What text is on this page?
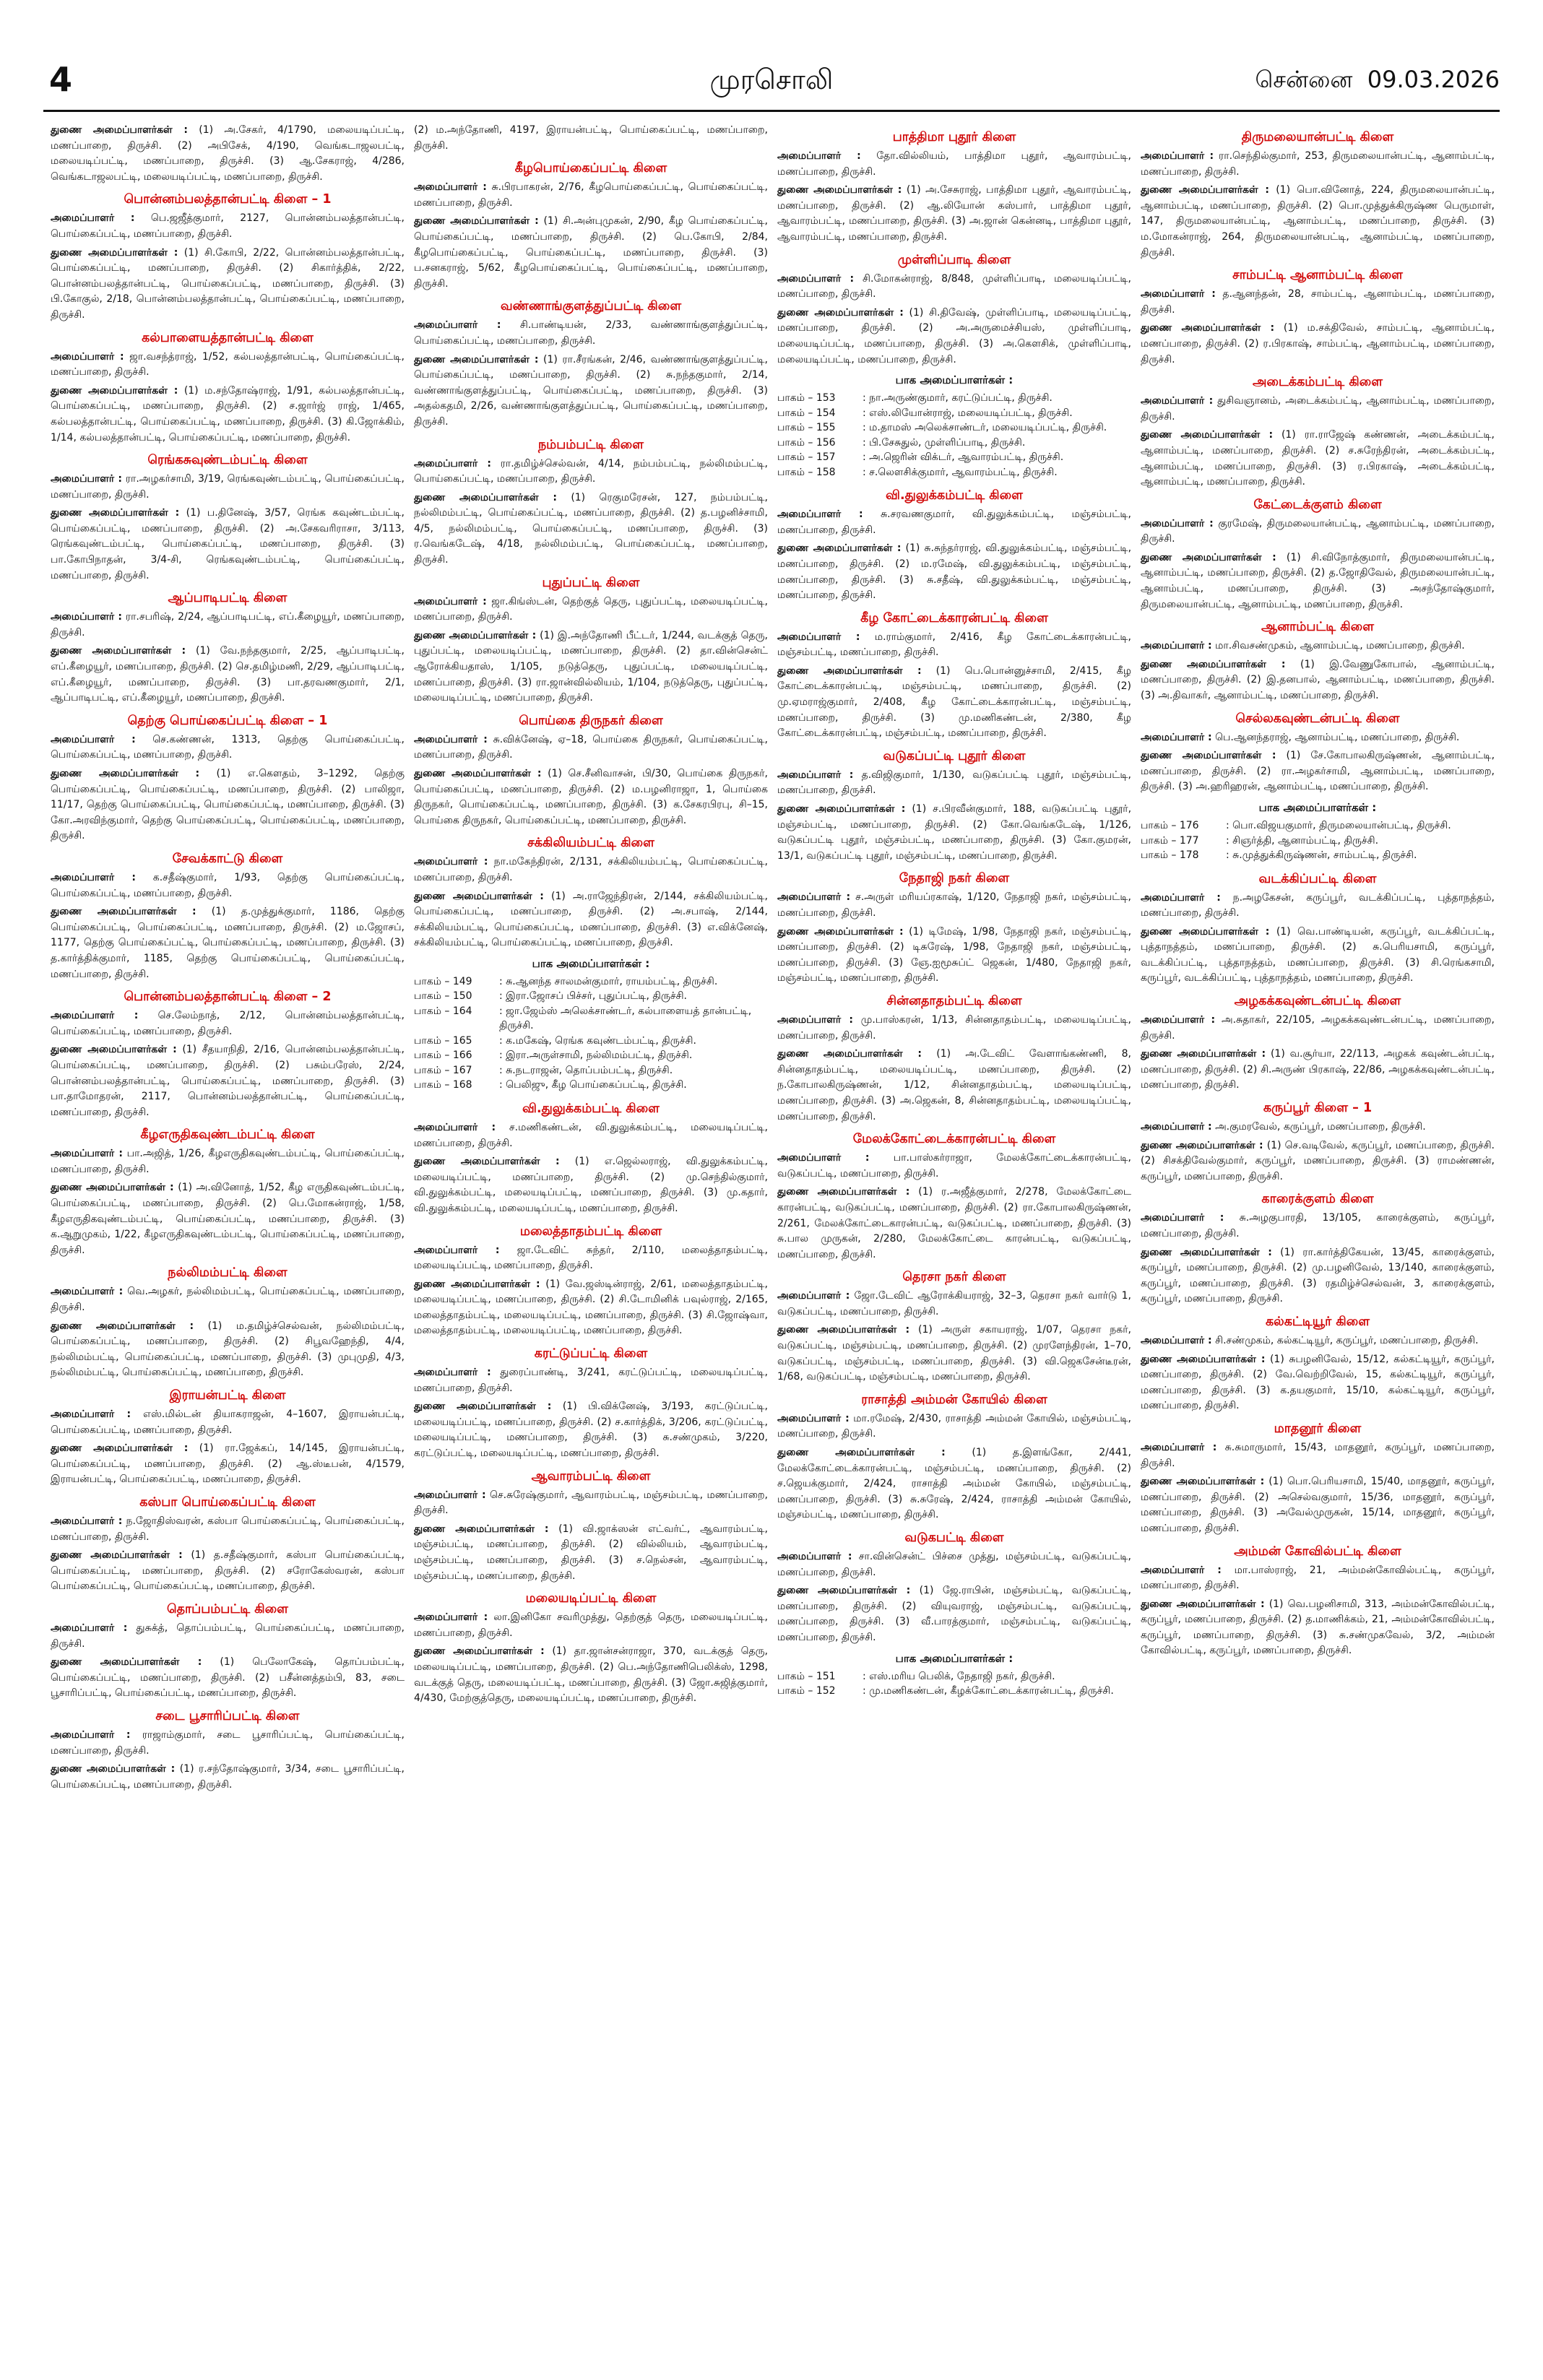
4	முரசொலி	சென்னை 09.03.2026

துணை அமைப்பாளர்கள் : (1) அ.சேகர், 4/1790, மலையடிப்பட்டி, மணப்பாறை, திருச்சி. (2) அபிசேக், 4/190, வெங்கடாஜலபட்டி, மலையடிப்பட்டி, மணப்பாறை, திருச்சி. (3) ஆ.சேகராஜ், 4/286, வெங்கடாஜலபட்டி, மலையடிப்பட்டி, மணப்பாறை, திருச்சி.

பொன்னம்பலத்தான்பட்டி கிளை – 1

அமைப்பாளர் : பெ.ஜஜீத்குமார், 2127, பொன்னம்பலத்தான்பட்டி, பொய்கைப்பட்டி, மணப்பாறை, திருச்சி.

துணை அமைப்பாளர்கள் : (1) சி.கோபி, 2/22, பொன்னம்பலத்தான்பட்டி, பொய்கைப்பட்டி, மணப்பாறை, திருச்சி. (2) சிகார்த்திக், 2/22, பொன்னம்பலத்தான்பட்டி, பொய்கைப்பட்டி, மணப்பாறை, திருச்சி. (3) பி.கோகுல், 2/18, பொன்னம்பலத்தான்பட்டி, பொய்கைப்பட்டி, மணப்பாறை, திருச்சி.

கல்பாளையத்தான்பட்டி கிளை

அமைப்பாளர் : ஜா.வசந்த்ராஜ், 1/52, கல்பலத்தான்பட்டி, பொய்கைப்பட்டி, மணப்பாறை, திருச்சி.

துணை அமைப்பாளர்கள் : (1) ம.சந்தோஷ்ராஜ், 1/91, கல்பலத்தான்பட்டி, பொய்கைப்பட்டி, மணப்பாறை, திருச்சி. (2) ச.ஜார்ஜ் ராஜ், 1/465, கல்பலத்தான்பட்டி, பொய்கைப்பட்டி, மணப்பாறை, திருச்சி. (3) கி.ஜோக்கிம், 1/14, கல்பலத்தான்பட்டி, பொய்கைப்பட்டி, மணப்பாறை, திருச்சி.

ரெங்கசுவுண்டம்பட்டி கிளை

அமைப்பாளர் : ரா.அழகர்சாமி, 3/19, ரெங்கவுண்டம்பட்டி, பொய்கைப்பட்டி, மணப்பாறை, திருச்சி.

துணை அமைப்பாளர்கள் : (1) ப.தினேஷ், 3/57, ரெங்க கவுண்டம்பட்டி, பொய்கைப்பட்டி, மணப்பாறை, திருச்சி. (2) அ.சேகவரிராசா, 3/113, ரெங்கவுண்டம்பட்டி, பொய்கைப்பட்டி, மணப்பாறை, திருச்சி. (3) பா.கோபிநாதன், 3/4-சி, ரெங்கவுண்டம்பட்டி, பொய்கைப்பட்டி, மணப்பாறை, திருச்சி.

ஆப்பாடிபட்டி கிளை

அமைப்பாளர் : ரா.சபரிஷ், 2/24, ஆப்பாடிபட்டி, எப்.கீழையூர், மணப்பாறை, திருச்சி.

துணை அமைப்பாளர்கள் : (1) வே.நந்தகுமார், 2/25, ஆப்பாடிபட்டி, எப்.கீழையூர், மணப்பாறை, திருச்சி. (2) செ.தமிழ்மணி, 2/29, ஆப்பாடிபட்டி, எப்.கீழையூர், மணப்பாறை, திருச்சி. (3) பா.தரவணகுமார், 2/1, ஆப்பாடிபட்டி, எப்.கீழையூர், மணப்பாறை, திருச்சி.

தெற்கு பொய்கைப்பட்டி கிளை – 1

அமைப்பாளர் : செ.கண்ணன், 1313, தெற்கு பொய்கைப்பட்டி, பொய்கைப்பட்டி, மணப்பாறை, திருச்சி.

துணை அமைப்பாளர்கள் : (1) எ.கௌதம், 3–1292, தெற்கு பொய்கைப்பட்டி, பொய்கைப்பட்டி, மணப்பாறை, திருச்சி. (2) பாலிஜா, 11/17, தெற்கு பொய்கைப்பட்டி, பொய்கைப்பட்டி, மணப்பாறை, திருச்சி. (3) கோ.அரவிந்குமார், தெற்கு பொய்கைப்பட்டி, பொய்கைப்பட்டி, மணப்பாறை, திருச்சி.

சேவக்காட்டு கிளை

அமைப்பாளர் : க.சதீஷ்குமார், 1/93, தெற்கு பொய்கைப்பட்டி, பொய்கைப்பட்டி, மணப்பாறை, திருச்சி.

துணை அமைப்பாளர்கள் : (1) த.முத்துக்குமார், 1186, தெற்கு பொய்கைப்பட்டி, பொய்கைப்பட்டி, மணப்பாறை, திருச்சி. (2) ம.ஜோசப், 1177, தெற்கு பொய்கைப்பட்டி, பொய்கைப்பட்டி, மணப்பாறை, திருச்சி. (3) த.கார்த்திக்குமார், 1185, தெற்கு பொய்கைப்பட்டி, பொய்கைப்பட்டி, மணப்பாறை, திருச்சி.

பொன்னம்பலத்தான்பட்டி கிளை – 2

அமைப்பாளர் : செ.லேம்நாத், 2/12, பொன்னம்பலத்தான்பட்டி, பொய்கைப்பட்டி, மணப்பாறை, திருச்சி.

துணை அமைப்பாளர்கள் : (1) சீதயாநிதி, 2/16, பொன்னம்பலத்தான்பட்டி, பொய்கைப்பட்டி, மணப்பாறை, திருச்சி. (2) பசும்பரேஸ், 2/24, பொன்னம்பலத்தான்பட்டி, பொய்கைப்பட்டி, மணப்பாறை, திருச்சி. (3) பா.தாமோதரன், 2117, பொன்னம்பலத்தான்பட்டி, பொய்கைப்பட்டி, மணப்பாறை, திருச்சி.

கீழஎருதிகவுண்டம்பட்டி கிளை

அமைப்பாளர் : பா.அஜித், 1/26, கீழஎருதிகவுண்டம்பட்டி, பொய்கைப்பட்டி, மணப்பாறை, திருச்சி.

துணை அமைப்பாளர்கள் : (1) அ.வினோத், 1/52, கீழ எருதிகவுண்டம்பட்டி, பொய்கைப்பட்டி, மணப்பாறை, திருச்சி. (2) பெ.மோகன்ராஜ், 1/58, கீழஎருதிகவுண்டம்பட்டி, பொய்கைப்பட்டி, மணப்பாறை, திருச்சி. (3) க.ஆறுமுகம், 1/22, கீழஎருதிகவுண்டம்பட்டி, பொய்கைப்பட்டி, மணப்பாறை, திருச்சி.

நல்லிமம்பட்டி கிளை

அமைப்பாளர் : வெ.அழகர், நல்லிமம்பட்டி, பொய்கைப்பட்டி, மணப்பாறை, திருச்சி.

துணை அமைப்பாளர்கள் : (1) ம.தமிழ்ச்செல்வன், நல்லிமம்பட்டி, பொய்கைப்பட்டி, மணப்பாறை, திருச்சி. (2) சிபூவஹேந்தி, 4/4, நல்லிமம்பட்டி, பொய்கைப்பட்டி, மணப்பாறை, திருச்சி. (3) முபுமுதி, 4/3, நல்லிமம்பட்டி, பொய்கைப்பட்டி, மணப்பாறை, திருச்சி.

இராயன்பட்டி கிளை

அமைப்பாளர் : எஸ்.மில்டன் தியாகராஜன், 4–1607, இராயன்பட்டி, பொய்கைப்பட்டி, மணப்பாறை, திருச்சி.

துணை அமைப்பாளர்கள் : (1) ரா.ஜேக்கப், 14/145, இராயன்பட்டி, பொய்கைப்பட்டி, மணப்பாறை, திருச்சி. (2) ஆ.ஸ்டீபன், 4/1579, இராயன்பட்டி, பொய்கைப்பட்டி, மணப்பாறை, திருச்சி.

கஸ்பா பொய்கைப்பட்டி கிளை

அமைப்பாளர் : ந.ஜோதிஸ்வரன், கஸ்பா பொய்கைப்பட்டி, பொய்கைப்பட்டி, மணப்பாறை, திருச்சி.

துணை அமைப்பாளர்கள் : (1) த.சதீஷ்குமார், கஸ்பா பொய்கைப்பட்டி, பொய்கைப்பட்டி, மணப்பாறை, திருச்சி. (2) சரோகேஸ்வரன், கஸ்பா பொய்கைப்பட்டி, பொய்கைப்பட்டி, மணப்பாறை, திருச்சி.

தொப்பம்பட்டி கிளை

அமைப்பாளர் : துசுக்த், தொப்பம்பட்டி, பொய்கைப்பட்டி, மணப்பாறை, திருச்சி.

துணை அமைப்பாளர்கள் : (1) பெலோகேஷ், தொப்பம்பட்டி, பொய்கைப்பட்டி, மணப்பாறை, திருச்சி. (2) பசீன்னத்தம்பி, 83, சடை பூசாரிப்பட்டி, பொய்கைப்பட்டி, மணப்பாறை, திருச்சி.

சடை பூசாரிப்பட்டி கிளை

அமைப்பாளர் : ராஜாம்குமார், சடை பூசாரிப்பட்டி, பொய்கைப்பட்டி, மணப்பாறை, திருச்சி.

துணை அமைப்பாளர்கள் : (1) ர.சந்தோஷ்குமார், 3/34, சடை பூசாரிப்பட்டி, பொய்கைப்பட்டி, மணப்பாறை, திருச்சி.

(2) ம.அந்தோணி, 4197, இராயன்பட்டி, பொய்கைப்பட்டி, மணப்பாறை, திருச்சி.

கீழபொய்கைப்பட்டி கிளை

அமைப்பாளர் : சு.பிரபாகரன், 2/76, கீழபொய்கைப்பட்டி, பொய்கைப்பட்டி, மணப்பாறை, திருச்சி.

துணை அமைப்பாளர்கள் : (1) சி.அன்புமுகன், 2/90, கீழ பொய்கைப்பட்டி, பொய்கைப்பட்டி, மணப்பாறை, திருச்சி. (2) பெ.கோபி, 2/84, கீழபொய்கைப்பட்டி, பொய்கைப்பட்டி, மணப்பாறை, திருச்சி. (3) ப.சனகராஜ், 5/62, கீழபொய்கைப்பட்டி, பொய்கைப்பட்டி, மணப்பாறை, திருச்சி.

வண்ணாங்குளத்துப்பட்டி கிளை

அமைப்பாளர் : சி.பாண்டியன், 2/33, வண்ணாங்குளத்துப்பட்டி, பொய்கைப்பட்டி, மணப்பாறை, திருச்சி.

துணை அமைப்பாளர்கள் : (1) ரா.சீரங்கன், 2/46, வண்ணாங்குளத்துப்பட்டி, பொய்கைப்பட்டி, மணப்பாறை, திருச்சி. (2) சு.நந்தகுமார், 2/14, வண்ணாங்குளத்துப்பட்டி, பொய்கைப்பட்டி, மணப்பாறை, திருச்சி. (3) அதல்கதமி, 2/26, வண்ணாங்குளத்துப்பட்டி, பொய்கைப்பட்டி, மணப்பாறை, திருச்சி.

நம்பம்பட்டி கிளை

அமைப்பாளர் : ரா.தமிழ்ச்செல்வன், 4/14, நம்பம்பட்டி, நல்லிமம்பட்டி, பொய்கைப்பட்டி, மணப்பாறை, திருச்சி.

துணை அமைப்பாளர்கள் : (1) ரெகுமரேசன், 127, நம்பம்பட்டி, நல்லிமம்பட்டி, பொய்கைப்பட்டி, மணப்பாறை, திருச்சி. (2) த.பழனிச்சாமி, 4/5, நல்லிமம்பட்டி, பொய்கைப்பட்டி, மணப்பாறை, திருச்சி. (3) ர.வெங்கடேஷ், 4/18, நல்லிமம்பட்டி, பொய்கைப்பட்டி, மணப்பாறை, திருச்சி.

புதுப்பட்டி கிளை

அமைப்பாளர் : ஜா.கிங்ஸ்டன், தெற்குத் தெரு, புதுப்பட்டி, மலையடிப்பட்டி, மணப்பாறை, திருச்சி.

துணை அமைப்பாளர்கள் : (1) இ.அந்தோணி பீட்டர், 1/244, வடக்குத் தெரு, புதுப்பட்டி, மலையடிப்பட்டி, மணப்பாறை, திருச்சி. (2) தா.வின்சென்ட் ஆரோக்கியதாஸ், 1/105, நடுத்தெரு, புதுப்பட்டி, மலையடிப்பட்டி, மணப்பாறை, திருச்சி. (3) ரா.ஜான்வில்லியம், 1/104, நடுத்தெரு, புதுப்பட்டி, மலையடிப்பட்டி, மணப்பாறை, திருச்சி.

பொய்கை திருநகர் கிளை

அமைப்பாளர் : சு.விக்னேஷ், ஏ–18, பொய்கை திருநகர், பொய்கைப்பட்டி, மணப்பாறை, திருச்சி.

துணை அமைப்பாளர்கள் : (1) செ.சீனிவாசன், பி/30, பொய்கை திருநகர், பொய்கைப்பட்டி, மணப்பாறை, திருச்சி. (2) ம.பழனிராஜா, 1, பொய்கை திருநகர், பொய்கைப்பட்டி, மணப்பாறை, திருச்சி. (3) க.சேகரபிரபு, சி–15, பொய்கை திருநகர், பொய்கைப்பட்டி, மணப்பாறை, திருச்சி.

சக்கிலியம்பட்டி கிளை

அமைப்பாளர் : நா.மகேந்திரன், 2/131, சக்கிலியம்பட்டி, பொய்கைப்பட்டி, மணப்பாறை, திருச்சி.

துணை அமைப்பாளர்கள் : (1) அ.ராஜேந்திரன், 2/144, சக்கிலியம்பட்டி, பொய்கைப்பட்டி, மணப்பாறை, திருச்சி. (2) அ.சபாஷ், 2/144, சக்கிலியம்பட்டி, பொய்கைப்பட்டி, மணப்பாறை, திருச்சி. (3) எ.விக்னேஷ், சக்கிலியம்பட்டி, பொய்கைப்பட்டி, மணப்பாறை, திருச்சி.

பாக அமைப்பாளர்கள் :
பாகம் – 149	: சு.ஆனந்த சாலமன்குமார், ராயம்பட்டி, திருச்சி.
பாகம் – 150	: இரா.ஜோசப் பிச்சர், புதுப்பட்டி, திருச்சி.
பாகம் – 164	: ஜா.ஜேம்ஸ் அலெக்சாண்டர், கல்பாளையத் தான்பட்டி, திருச்சி.
பாகம் – 165	: க.மகேஷ், ரெங்க கவுண்டம்பட்டி, திருச்சி.
பாகம் – 166	: இரா.அருள்சாமி, நல்லிமம்பட்டி, திருச்சி.
பாகம் – 167	: சு.நடராஜன், தொப்பம்பட்டி, திருச்சி.
பாகம் – 168	: பெலிஜு, கீழ பொய்கைப்பட்டி, திருச்சி.
வி.துலுக்கம்பட்டி கிளை

அமைப்பாளர் : ச.மணிகண்டன், வி.துலுக்கம்பட்டி, மலையடிப்பட்டி, மணப்பாறை, திருச்சி.

துணை அமைப்பாளர்கள் : (1) எ.ஜெல்லராஜ், வி.துலுக்கம்பட்டி, மலையடிப்பட்டி, மணப்பாறை, திருச்சி. (2) மு.செந்தில்குமார், வி.துலுக்கம்பட்டி, மலையடிப்பட்டி, மணப்பாறை, திருச்சி. (3) மு.கதார், வி.துலுக்கம்பட்டி, மலையடிப்பட்டி, மணப்பாறை, திருச்சி.

மலைத்தாதம்பட்டி கிளை

அமைப்பாளர் : ஜா.டேவிட் சுந்தர், 2/110, மலைத்தாதம்பட்டி, மலையடிப்பட்டி, மணப்பாறை, திருச்சி.

துணை அமைப்பாளர்கள் : (1) வே.ஜஸ்டின்ராஜ், 2/61, மலைத்தாதம்பட்டி, மலையடிப்பட்டி, மணப்பாறை, திருச்சி. (2) சி.டோமினிக் பவுல்ராஜ், 2/165, மலைத்தாதம்பட்டி, மலையடிப்பட்டி, மணப்பாறை, திருச்சி. (3) சி.ஜோஷ்வா, மலைத்தாதம்பட்டி, மலையடிப்பட்டி, மணப்பாறை, திருச்சி.

கரட்டுப்பட்டி கிளை

அமைப்பாளர் : துரைப்பாண்டி, 3/241, கரட்டுப்பட்டி, மலையடிப்பட்டி, மணப்பாறை, திருச்சி.

துணை அமைப்பாளர்கள் : (1) பி.விக்னேஷ், 3/193, கரட்டுப்பட்டி, மலையடிப்பட்டி, மணப்பாறை, திருச்சி. (2) ச.கார்த்திக், 3/206, கரட்டுப்பட்டி, மலையடிப்பட்டி, மணப்பாறை, திருச்சி. (3) சு.சண்முகம், 3/220, கரட்டுப்பட்டி, மலையடிப்பட்டி, மணப்பாறை, திருச்சி.

ஆவாரம்பட்டி கிளை

அமைப்பாளர் : செ.சுரேஷ்குமார், ஆவாரம்பட்டி, மஞ்சம்பட்டி, மணப்பாறை, திருச்சி.

துணை அமைப்பாளர்கள் : (1) வி.ஜாக்ஸன் எட்வர்ட், ஆவாரம்பட்டி, மஞ்சம்பட்டி, மணப்பாறை, திருச்சி. (2) வில்லியம், ஆவாரம்பட்டி, மஞ்சம்பட்டி, மணப்பாறை, திருச்சி. (3) ச.நெல்சன், ஆவாரம்பட்டி, மஞ்சம்பட்டி, மணப்பாறை, திருச்சி.

மலையடிப்பட்டி கிளை

அமைப்பாளர் : லா.இனிகோ சவரிமுத்து, தெற்குத் தெரு, மலையடிப்பட்டி, மணப்பாறை, திருச்சி.

துணை அமைப்பாளர்கள் : (1) தா.ஜான்சன்ராஜா, 370, வடக்குத் தெரு, மலையடிப்பட்டி, மணப்பாறை, திருச்சி. (2) பெ.அந்தோணிபெலிக்ஸ், 1298, வடக்குத் தெரு, மலையடிப்பட்டி, மணப்பாறை, திருச்சி. (3) ஜோ.சுஜித்குமார், 4/430, மேற்குத்தெரு, மலையடிப்பட்டி, மணப்பாறை, திருச்சி.

பாத்திமா புதூர் கிளை

அமைப்பாளர் : தோ.வில்லியம், பாத்திமா புதூர், ஆவாரம்பட்டி, மணப்பாறை, திருச்சி.

துணை அமைப்பாளர்கள் : (1) அ.சேசுராஜ், பாத்திமா புதூர், ஆவாரம்பட்டி, மணப்பாறை, திருச்சி. (2) ஆ.லியோன் கஸ்பார், பாத்திமா புதூர், ஆவாரம்பட்டி, மணப்பாறை, திருச்சி. (3) அ.ஜான் கென்னடி, பாத்திமா புதூர், ஆவாரம்பட்டி, மணப்பாறை, திருச்சி.

முள்ளிப்பாடி கிளை

அமைப்பாளர் : சி.மோகன்ராஜ், 8/848, முள்ளிப்பாடி, மலையடிப்பட்டி, மணப்பாறை, திருச்சி.

துணை அமைப்பாளர்கள் : (1) சி.திவேஷ், முள்ளிப்பாடி, மலையடிப்பட்டி, மணப்பாறை, திருச்சி. (2) அ.அருமைச்சியஸ், முள்ளிப்பாடி, மலையடிப்பட்டி, மணப்பாறை, திருச்சி. (3) அ.கௌசிக், முள்ளிப்பாடி, மலையடிப்பட்டி, மணப்பாறை, திருச்சி.

பாக அமைப்பாளர்கள் :
பாகம் – 153	: நா.அருண்குமார், கரட்டுப்பட்டி, திருச்சி.
பாகம் – 154	: எஸ்.லியோன்ராஜ், மலையடிப்பட்டி, திருச்சி.
பாகம் – 155	: ம.தாமஸ் அலெக்சாண்டர், மலையடிப்பட்டி, திருச்சி.
பாகம் – 156	: பி.சேசுதுல், முள்ளிப்பாடி, திருச்சி.
பாகம் – 157	: அ.ஜெரின் விக்டர், ஆவாரம்பட்டி, திருச்சி.
பாகம் – 158	: ச.லௌசிக்குமார், ஆவாரம்பட்டி, திருச்சி.
வி.துலுக்கம்பட்டி கிளை

அமைப்பாளர் : சு.சரவணகுமார், வி.துலுக்கம்பட்டி, மஞ்சம்பட்டி, மணப்பாறை, திருச்சி.

துணை அமைப்பாளர்கள் : (1) சு.சுந்தர்ராஜ், வி.துலுக்கம்பட்டி, மஞ்சம்பட்டி, மணப்பாறை, திருச்சி. (2) ம.ரமேஷ், வி.துலுக்கம்பட்டி, மஞ்சம்பட்டி, மணப்பாறை, திருச்சி. (3) சு.சதீஷ், வி.துலுக்கம்பட்டி, மஞ்சம்பட்டி, மணப்பாறை, திருச்சி.

கீழ கோட்டைக்காரன்பட்டி கிளை

அமைப்பாளர் : ம.ராம்குமார், 2/416, கீழ கோட்டைக்காரன்பட்டி, மஞ்சம்பட்டி, மணப்பாறை, திருச்சி.

துணை அமைப்பாளர்கள் : (1) பெ.பொன்னுச்சாமி, 2/415, கீழ கோட்டைக்காரன்பட்டி, மஞ்சம்பட்டி, மணப்பாறை, திருச்சி. (2) மு.ஏமராஜ்குமார், 2/408, கீழ கோட்டைக்காரன்பட்டி, மஞ்சம்பட்டி, மணப்பாறை, திருச்சி. (3) மு.மணிகண்டன், 2/380, கீழ கோட்டைக்காரன்பட்டி, மஞ்சம்பட்டி, மணப்பாறை, திருச்சி.

வடுகப்பட்டி புதூர் கிளை

அமைப்பாளர் : த.விஜிகுமார், 1/130, வடுகப்பட்டி புதூர், மஞ்சம்பட்டி, மணப்பாறை, திருச்சி.

துணை அமைப்பாளர்கள் : (1) ச.பிரவீன்குமார், 188, வடுகப்பட்டி புதூர், மஞ்சம்பட்டி, மணப்பாறை, திருச்சி. (2) கோ.வெங்கடேஷ், 1/126, வடுகப்பட்டி புதூர், மஞ்சம்பட்டி, மணப்பாறை, திருச்சி. (3) கோ.குமரன், 13/1, வடுகப்பட்டி புதூர், மஞ்சம்பட்டி, மணப்பாறை, திருச்சி.

நேதாஜி நகர் கிளை

அமைப்பாளர் : ச.அருள் மரியப்ரகாஷ், 1/120, நேதாஜி நகர், மஞ்சம்பட்டி, மணப்பாறை, திருச்சி.

துணை அமைப்பாளர்கள் : (1) டிமேஷ், 1/98, நேதாஜி நகர், மஞ்சம்பட்டி, மணப்பாறை, திருச்சி. (2) டிசுரேஷ், 1/98, நேதாஜி நகர், மஞ்சம்பட்டி, மணப்பாறை, திருச்சி. (3) ஞே.ஐமூசுப்ட் ஜெகன், 1/480, நேதாஜி நகர், மஞ்சம்பட்டி, மணப்பாறை, திருச்சி.

சின்னதாதம்பட்டி கிளை

அமைப்பாளர் : மு.பாஸ்கரன், 1/13, சின்னதாதம்பட்டி, மலையடிப்பட்டி, மணப்பாறை, திருச்சி.

துணை அமைப்பாளர்கள் : (1) அ.டேவிட் வேளாங்கண்ணி, 8, சின்னதாதம்பட்டி, மலையடிப்பட்டி, மணப்பாறை, திருச்சி. (2) ந.கோபாலகிருஷ்ணன், 1/12, சின்னதாதம்பட்டி, மலையடிப்பட்டி, மணப்பாறை, திருச்சி. (3) அ.ஜெகன், 8, சின்னதாதம்பட்டி, மலையடிப்பட்டி, மணப்பாறை, திருச்சி.

மேலக்கோட்டைக்காரன்பட்டி கிளை

அமைப்பாளர் : பா.பாஸ்கர்ராஜா, மேலக்கோட்டைக்காரன்பட்டி, வடுகப்பட்டி, மணப்பாறை, திருச்சி.

துணை அமைப்பாளர்கள் : (1) ர.அஜீத்குமார், 2/278, மேலக்கோட்டை காரன்பட்டி, வடுகப்பட்டி, மணப்பாறை, திருச்சி. (2) ரா.கோபாலகிருஷ்ணன், 2/261, மேலக்கோட்டைகாரன்பட்டி, வடுகப்பட்டி, மணப்பாறை, திருச்சி. (3) சு.பால முருகன், 2/280, மேலக்கோட்டை காரன்பட்டி, வடுகப்பட்டி, மணப்பாறை, திருச்சி.

தெரசா நகர் கிளை

அமைப்பாளர் : ஜோ.டேவிட் ஆரோக்கியராஜ், 32–3, தெரசா நகர் வார்டு 1, வடுகப்பட்டி, மணப்பாறை, திருச்சி.

துணை அமைப்பாளர்கள் : (1) அருள் சகாயராஜ், 1/07, தெரசா நகர், வடுகப்பட்டி, மஞ்சம்பட்டி, மணப்பாறை, திருச்சி. (2) முரளேந்திரன், 1–70, வடுகப்பட்டி, மஞ்சம்பட்டி, மணப்பாறை, திருச்சி. (3) வி.ஜெகசேன்டீரன், 1/68, வடுகப்பட்டி, மஞ்சம்பட்டி, மணப்பாறை, திருச்சி.

ராசாத்தி அம்மன் கோயில் கிளை

அமைப்பாளர் : மா.ரமேஷ், 2/430, ராசாத்தி அம்மன் கோயில், மஞ்சம்பட்டி, மணப்பாறை, திருச்சி.

துணை அமைப்பாளர்கள் :	(1) த.இளங்கோ, 2/441, மேலக்கோட்டைக்காரன்பட்டி, மஞ்சம்பட்டி, மணப்பாறை, திருச்சி. (2) ச.ஜெயக்குமார், 2/424, ராசாத்தி அம்மன் கோயில், மஞ்சம்பட்டி, மணப்பாறை, திருச்சி. (3) சு.சுரேஷ், 2/424, ராசாத்தி அம்மன் கோயில், மஞ்சம்பட்டி, மணப்பாறை, திருச்சி.

வடுகபட்டி கிளை

அமைப்பாளர் : சா.வின்சென்ட் பிச்சை முத்து, மஞ்சம்பட்டி, வடுகப்பட்டி, மணப்பாறை, திருச்சி.

துணை அமைப்பாளர்கள் : (1) ஜே.ராபின், மஞ்சம்பட்டி, வடுகப்பட்டி, மணப்பாறை, திருச்சி. (2) வியுவராஜ், மஞ்சம்பட்டி, வடுகப்பட்டி, மணப்பாறை, திருச்சி. (3) வீ.பாரத்குமார், மஞ்சம்பட்டி, வடுகப்பட்டி, மணப்பாறை, திருச்சி.

பாக அமைப்பாளர்கள் :
பாகம் – 151	: எஸ்.மரிய பெலிக், நேதாஜி நகர், திருச்சி.
பாகம் – 152	: மு.மணிகண்டன், கீழக்கோட்டைக்காரன்பட்டி, திருச்சி.
திருமலையான்பட்டி கிளை

அமைப்பாளர் : ரா.செந்தில்குமார், 253, திருமலையான்பட்டி, ஆனாம்பட்டி, மணப்பாறை, திருச்சி.

துணை அமைப்பாளர்கள் : (1) பொ.வினோத், 224, திருமலையான்பட்டி, ஆனாம்பட்டி, மணப்பாறை, திருச்சி. (2) பொ.முத்துக்கிருஷ்ண பெருமாள், 147, திருமலையான்பட்டி, ஆனாம்பட்டி, மணப்பாறை, திருச்சி. (3) ம.மோகன்ராஜ், 264, திருமலையான்பட்டி, ஆனாம்பட்டி, மணப்பாறை, திருச்சி.

சாம்பட்டி ஆனாம்பட்டி கிளை

அமைப்பாளர் : த.ஆனந்தன், 28, சாம்பட்டி, ஆனாம்பட்டி, மணப்பாறை, திருச்சி.

துணை அமைப்பாளர்கள் : (1) ம.சக்திவேல், சாம்பட்டி, ஆனாம்பட்டி, மணப்பாறை, திருச்சி. (2) ர.பிரகாஷ், சாம்பட்டி, ஆனாம்பட்டி, மணப்பாறை, திருச்சி.

அடைக்கம்பட்டி கிளை

அமைப்பாளர் : துசிவஞானம், அடைக்கம்பட்டி, ஆனாம்பட்டி, மணப்பாறை, திருச்சி.

துணை அமைப்பாளர்கள் : (1) ரா.ராஜேஷ் கண்ணன், அடைக்கம்பட்டி, ஆனாம்பட்டி, மணப்பாறை, திருச்சி. (2) ச.சுரேந்திரன், அடைக்கம்பட்டி, ஆனாம்பட்டி, மணப்பாறை, திருச்சி. (3) ர.பிரகாஷ், அடைக்கம்பட்டி, ஆனாம்பட்டி, மணப்பாறை, திருச்சி.

கேட்டைக்குளம் கிளை

அமைப்பாளர் : குரமேஷ், திருமலையான்பட்டி, ஆனாம்பட்டி, மணப்பாறை, திருச்சி.

துணை அமைப்பாளர்கள் : (1) சி.விநோத்குமார், திருமலையான்பட்டி, ஆனாம்பட்டி, மணப்பாறை, திருச்சி. (2) த.ஜோதிவேல், திருமலையான்பட்டி, ஆனாம்பட்டி, மணப்பாறை, திருச்சி. (3) அசந்தோஷ்குமார், திருமலையான்பட்டி, ஆனாம்பட்டி, மணப்பாறை, திருச்சி.

ஆனாம்பட்டி கிளை

அமைப்பாளர் : மா.சிவசண்முகம், ஆனாம்பட்டி, மணப்பாறை, திருச்சி.

துணை அமைப்பாளர்கள் : (1) இ.வேணுகோபால், ஆனாம்பட்டி, மணப்பாறை, திருச்சி. (2) இ.தனபால், ஆனாம்பட்டி, மணப்பாறை, திருச்சி. (3) அ.திவாகர், ஆனாம்பட்டி, மணப்பாறை, திருச்சி.

செல்லகவுண்டன்பட்டி கிளை

அமைப்பாளர் : பெ.ஆனந்தராஜ், ஆனாம்பட்டி, மணப்பாறை, திருச்சி.

துணை அமைப்பாளர்கள் : (1) சே.கோபாலகிருஷ்ணன், ஆனாம்பட்டி, மணப்பாறை, திருச்சி. (2) ரா.அழகர்சாமி, ஆனாம்பட்டி, மணப்பாறை, திருச்சி. (3) அ.ஹரிஹரன், ஆனாம்பட்டி, மணப்பாறை, திருச்சி.

பாக அமைப்பாளர்கள் :
பாகம் – 176	: பொ.விஜயகுமார், திருமலையான்பட்டி, திருச்சி.
பாகம் – 177	: சிஞர்த்தி, ஆனாம்பட்டி, திருச்சி.
பாகம் – 178	: சு.முத்துக்கிருஷ்ணன், சாம்பட்டி, திருச்சி.
வடக்கிப்பட்டி கிளை

அமைப்பாளர் : ந.அழகேசன், கருப்பூர், வடக்கிப்பட்டி, புத்தாநத்தம், மணப்பாறை, திருச்சி.

துணை அமைப்பாளர்கள் : (1) வெ.பாண்டியன், கருப்பூர், வடக்கிப்பட்டி, புத்தாநத்தம், மணப்பாறை, திருச்சி. (2) சு.பெரியசாமி, கருப்பூர், வடக்கிப்பட்டி, புத்தாநத்தம், மணப்பாறை, திருச்சி. (3) சி.ரெங்கசாமி, கருப்பூர், வடக்கிப்பட்டி, புத்தாநத்தம், மணப்பாறை, திருச்சி.

அழகக்கவுண்டன்பட்டி கிளை

அமைப்பாளர் : அ.சுதாகர், 22/105, அழகக்கவுண்டன்பட்டி, மணப்பாறை, திருச்சி.

துணை அமைப்பாளர்கள் : (1) வ.சூர்யா, 22/113, அழகக் கவுண்டன்பட்டி, மணப்பாறை, திருச்சி. (2) சி.அருண் பிரகாஷ், 22/86, அழகக்கவுண்டன்பட்டி, மணப்பாறை, திருச்சி.

கருப்பூர் கிளை – 1

அமைப்பாளர் : அ.குமரவேல், கருப்பூர், மணப்பாறை, திருச்சி.

துணை அமைப்பாளர்கள் : (1) செ.வடிவேல், கருப்பூர், மணப்பாறை, திருச்சி. (2) சிசக்திவேல்குமார், கருப்பூர், மணப்பாறை, திருச்சி. (3) ராமண்ணன், கருப்பூர், மணப்பாறை, திருச்சி.

காரைக்குளம் கிளை

அமைப்பாளர் : சு.அழகுபாரதி, 13/105, காரைக்குளம், கருப்பூர், மணப்பாறை, திருச்சி.

துணை அமைப்பாளர்கள் : (1) ரா.கார்த்திகேயன், 13/45, காரைக்குளம், கருப்பூர், மணப்பாறை, திருச்சி. (2) மு.பழனிவேல், 13/140, காரைக்குளம், கருப்பூர், மணப்பாறை, திருச்சி. (3) ரதமிழ்ச்செல்வன், 3, காரைக்குளம், கருப்பூர், மணப்பாறை, திருச்சி.

கல்கட்டியூர் கிளை

அமைப்பாளர் : சி.சண்முகம், கல்கட்டியூர், கருப்பூர், மணப்பாறை, திருச்சி.

துணை அமைப்பாளர்கள் : (1) சுபழனிவேல், 15/12, கல்கட்டியூர், கருப்பூர், மணப்பாறை, திருச்சி. (2) வே.வெற்றிவேல், 15, கல்கட்டியூர், கருப்பூர், மணப்பாறை, திருச்சி. (3) க.தயகுமார், 15/10, கல்கட்டியூர், கருப்பூர், மணப்பாறை, திருச்சி.

மாதனூர் கிளை

அமைப்பாளர் : சு.சுமாருமார், 15/43, மாதனூர், கருப்பூர், மணப்பாறை, திருச்சி.

துணை அமைப்பாளர்கள் : (1) பொ.பெரியசாமி, 15/40, மாதனூர், கருப்பூர், மணப்பாறை, திருச்சி. (2) அசெல்வகுமார், 15/36, மாதனூர், கருப்பூர், மணப்பாறை, திருச்சி. (3) அவேல்முருகன், 15/14, மாதனூர், கருப்பூர், மணப்பாறை, திருச்சி.

அம்மன் கோவில்பட்டி கிளை

அமைப்பாளர் : மா.பாஸ்ராஜ், 21, அம்மன்கோவில்பட்டி, கருப்பூர், மணப்பாறை, திருச்சி.

துணை அமைப்பாளர்கள் : (1) வெ.பழனிசாமி, 313, அம்மன்கோவில்பட்டி, கருப்பூர், மணப்பாறை, திருச்சி. (2) த.மாணிக்கம், 21, அம்மன்கோவில்பட்டி, கருப்பூர், மணப்பாறை, திருச்சி. (3) சு.சண்முகவேல், 3/2, அம்மன் கோவில்பட்டி, கருப்பூர், மணப்பாறை, திருச்சி.
